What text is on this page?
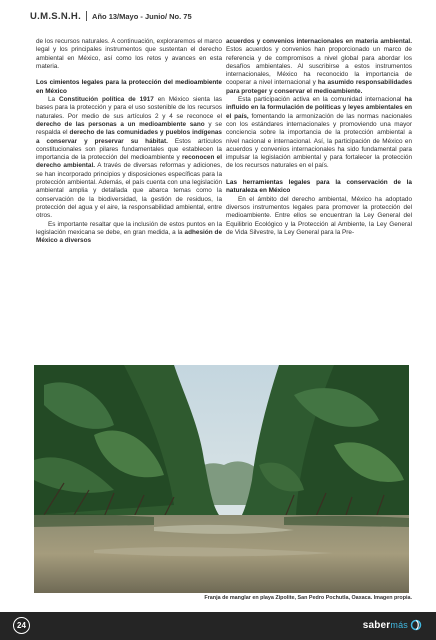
U.M.S.N.H. Año 13/Mayo - Junio/ No. 75

de los recursos naturales. A continuación, exploraremos el marco legal y los principales instrumentos que sustentan el derecho ambiental en México, así como los retos y avances en esta materia.

Los cimientos legales para la protección del medioambiente en México

La Constitución política de 1917 en México sienta las bases para la protección y para el uso sostenible de los recursos naturales. Por medio de sus artículos 2 y 4 se reconoce el derecho de las personas a un medioambiente sano y se respalda el derecho de las comunidades y pueblos indígenas a conservar y preservar su hábitat. Estos artículos constitucionales son pilares fundamentales que establecen la importancia de la protección del medioambiente y reconocen el derecho ambiental. A través de diversas reformas y adiciones, se han incorporado principios y disposiciones específicas para la protección ambiental. Además, el país cuenta con una legislación ambiental amplia y detallada que abarca temas como la conservación de la biodiversidad, la gestión de residuos, la protección del agua y el aire, la responsabilidad ambiental, entre otros.

Es importante resaltar que la inclusión de estos puntos en la legislación mexicana se debe, en gran medida, a la adhesión de México a diversos

acuerdos y convenios internacionales en materia ambiental. Estos acuerdos y convenios han proporcionado un marco de referencia y de compromisos a nivel global para abordar los desafíos ambientales. Al suscribirse a estos instrumentos internacionales, México ha reconocido la importancia de cooperar a nivel internacional y ha asumido responsabilidades para proteger y conservar el medioambiente.

Esta participación activa en la comunidad internacional ha influido en la formulación de políticas y leyes ambientales en el país, fomentando la armonización de las normas nacionales con los estándares internacionales y promoviendo una mayor conciencia sobre la importancia de la protección ambiental a nivel nacional e internacional. Así, la participación de México en acuerdos y convenios internacionales ha sido fundamental para impulsar la legislación ambiental y para fortalecer la protección de los recursos naturales en el país.

Las herramientas legales para la conservación de la naturaleza en México

En el ámbito del derecho ambiental, México ha adoptado diversos instrumentos legales para promover la protección del medioambiente. Entre ellos se encuentran la Ley General del Equilibrio Ecológico y la Protección al Ambiente, la Ley General de Vida Silvestre, la Ley General para la Pre-

Franja de manglar en playa Zipolite, San Pedro Pochutla, Oaxaca. Imagen propia.
24	saber más
